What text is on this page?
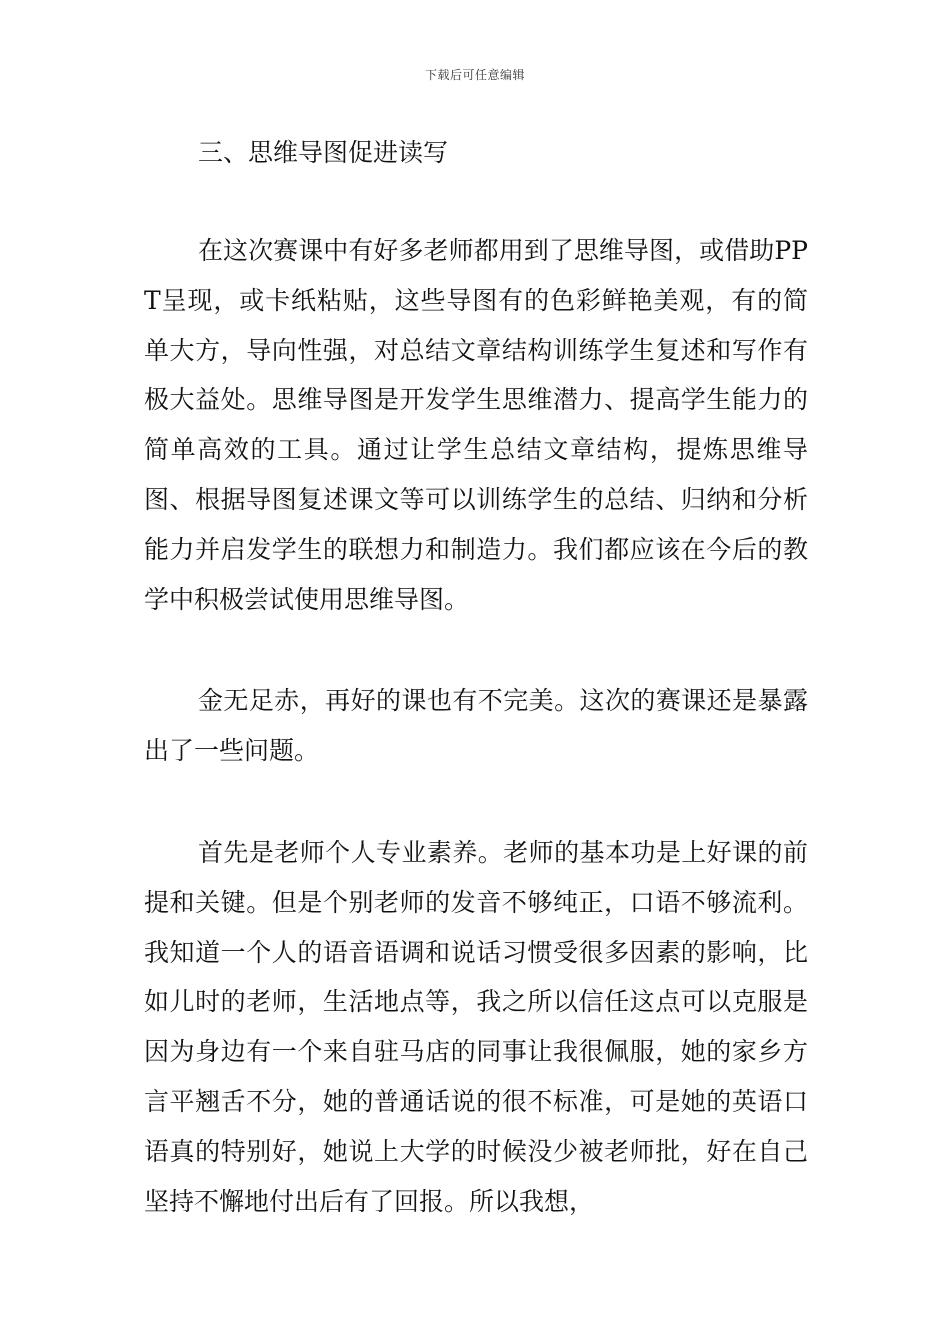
下载后可任意编辑
三、思维导图促进读写

在这次赛课中有好多老师都用到了思维导图，或借助PPT呈现，或卡纸粘贴，这些导图有的色彩鲜艳美观，有的简单大方，导向性强，对总结文章结构训练学生复述和写作有极大益处。思维导图是开发学生思维潜力、提高学生能力的简单高效的工具。通过让学生总结文章结构，提炼思维导图、根据导图复述课文等可以训练学生的总结、归纳和分析能力并启发学生的联想力和制造力。我们都应该在今后的教学中积极尝试使用思维导图。

金无足赤，再好的课也有不完美。这次的赛课还是暴露出了一些问题。

首先是老师个人专业素养。老师的基本功是上好课的前提和关键。但是个别老师的发音不够纯正，口语不够流利。我知道一个人的语音语调和说话习惯受很多因素的影响，比如儿时的老师，生活地点等，我之所以信任这点可以克服是因为身边有一个来自驻马店的同事让我很佩服，她的家乡方言平翘舌不分，她的普通话说的很不标准，可是她的英语口语真的特别好，她说上大学的时候没少被老师批，好在自己坚持不懈地付出后有了回报。所以我想，
